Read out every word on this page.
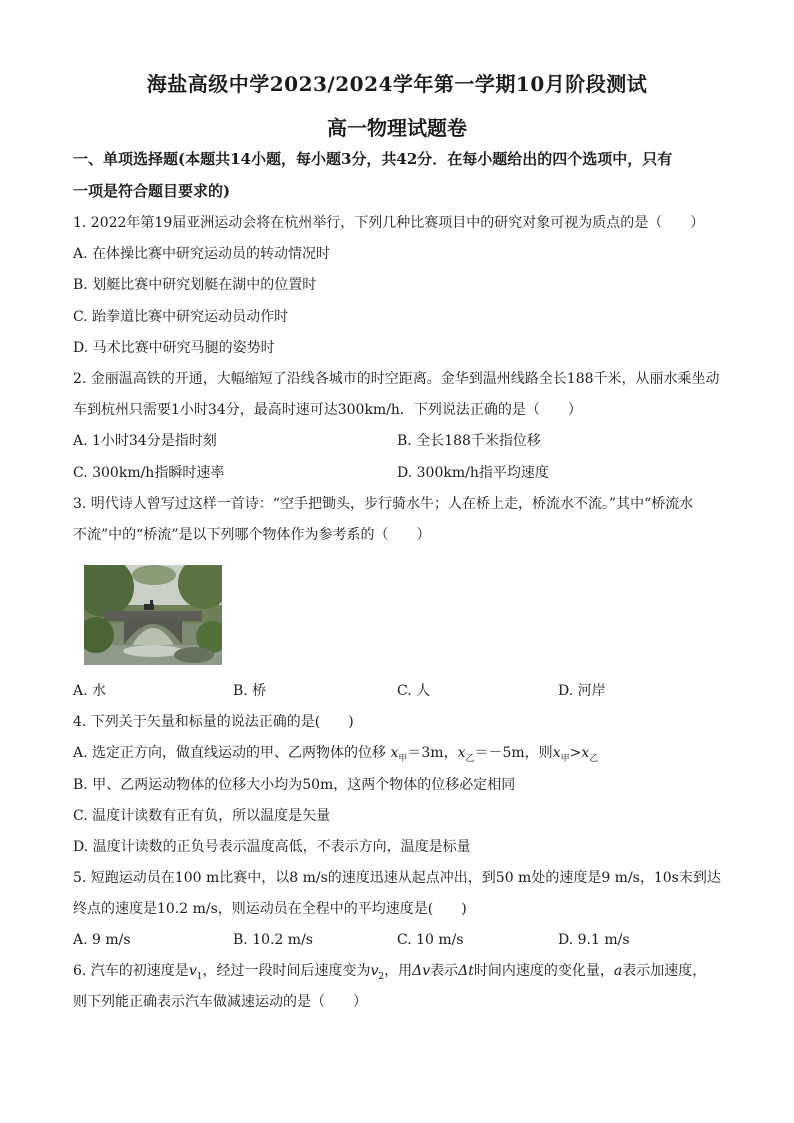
海盐高级中学2023/2024学年第一学期10月阶段测试
高一物理试题卷
一、单项选择题(本题共14小题，每小题3分，共42分．在每小题给出的四个选项中，只有
一项是符合题目要求的)
1. 2022年第19届亚洲运动会将在杭州举行，下列几种比赛项目中的研究对象可视为质点的是（　　）
A. 在体操比赛中研究运动员的转动情况时
B. 划艇比赛中研究划艇在湖中的位置时
C. 跆拳道比赛中研究运动员动作时
D. 马术比赛中研究马腿的姿势时
2. 金丽温高铁的开通，大幅缩短了沿线各城市的时空距离。金华到温州线路全长188千米，从丽水乘坐动
车到杭州只需要1小时34分，最高时速可达300km/h．下列说法正确的是（　　）
A. 1小时34分是指时刻	B. 全长188千米指位移
C. 300km/h指瞬时速率	D. 300km/h指平均速度
3. 明代诗人曾写过这样一首诗：“空手把锄头，步行骑水牛；人在桥上走，桥流水不流。”其中“桥流水
不流”中的“桥流”是以下列哪个物体作为参考系的（　　）
A. 水	B. 桥	C. 人	D. 河岸
4. 下列关于矢量和标量的说法正确的是(　　)
A. 选定正方向，做直线运动的甲、乙两物体的位移 $x_甲=3m$，$x_乙=-5m$，则$x_甲>x_乙$
B. 甲、乙两运动物体的位移大小均为50m，这两个物体的位移必定相同
C. 温度计读数有正有负，所以温度是矢量
D. 温度计读数的正负号表示温度高低，不表示方向，温度是标量
5. 短跑运动员在100 m比赛中，以8 m/s的速度迅速从起点冲出，到50 m处的速度是9 m/s，10s末到达
终点的速度是10.2 m/s，则运动员在全程中的平均速度是(　　)
A. 9 m/s	B. 10.2 m/s	C. 10 m/s	D. 9.1 m/s
6. 汽车的初速度是$v_1$，经过一段时间后速度变为$v_2$，用Δv表示Δt时间内速度的变化量，a表示加速度，
则下列能正确表示汽车做减速运动的是（　　）
